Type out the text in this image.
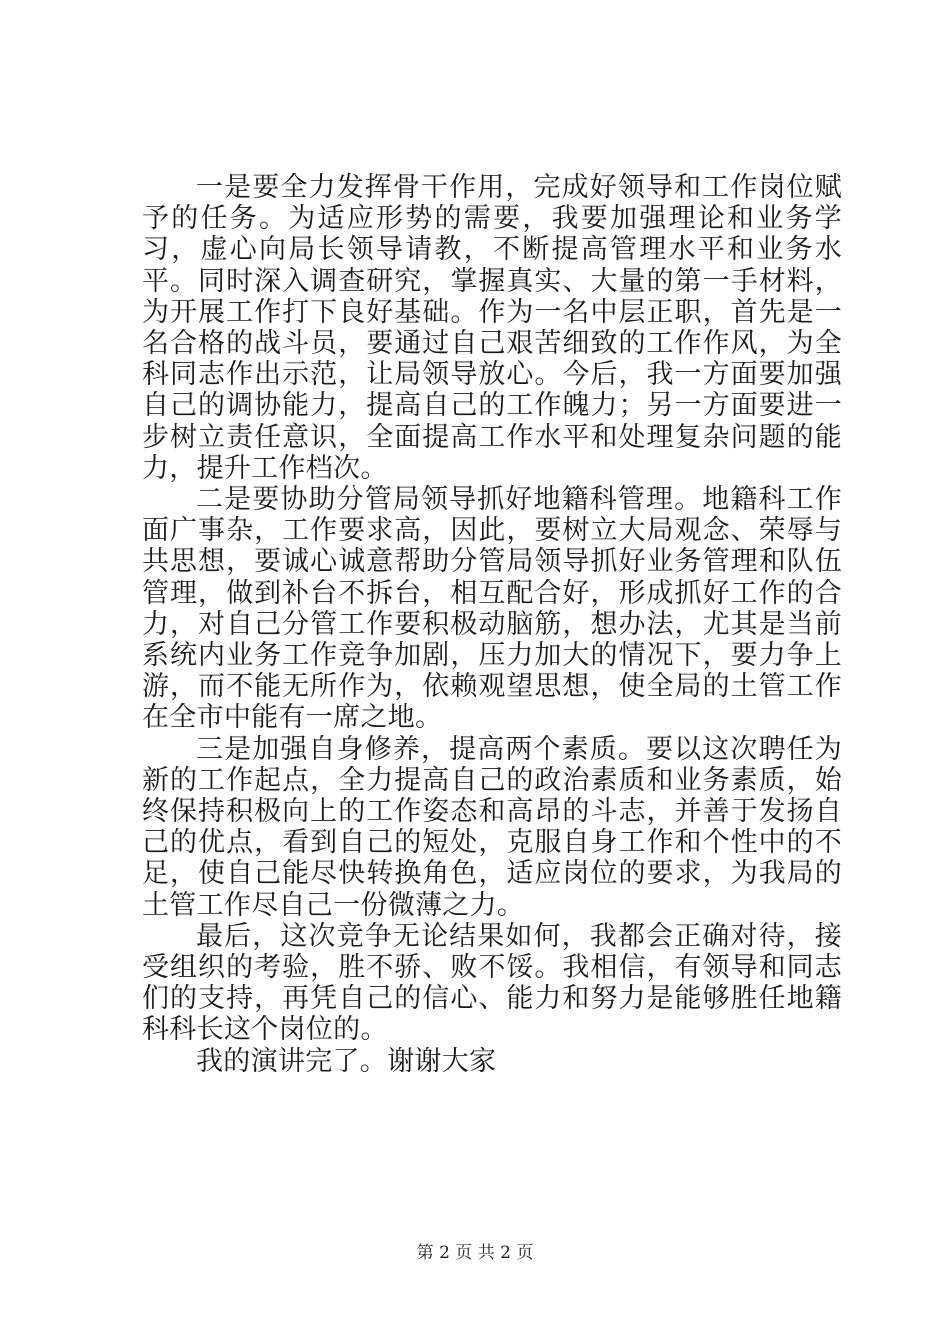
一是要全力发挥骨干作用，完成好领导和工作岗位赋予的任务。为适应形势的需要，我要加强理论和业务学习，虚心向局长领导请教，不断提高管理水平和业务水平。同时深入调查研究，掌握真实、大量的第一手材料，为开展工作打下良好基础。作为一名中层正职，首先是一名合格的战斗员，要通过自己艰苦细致的工作作风，为全科同志作出示范，让局领导放心。今后，我一方面要加强自己的调协能力，提高自己的工作魄力；另一方面要进一步树立责任意识，全面提高工作水平和处理复杂问题的能力，提升工作档次。

二是要协助分管局领导抓好地籍科管理。地籍科工作面广事杂，工作要求高，因此，要树立大局观念、荣辱与共思想，要诚心诚意帮助分管局领导抓好业务管理和队伍管理，做到补台不拆台，相互配合好，形成抓好工作的合力，对自己分管工作要积极动脑筋，想办法，尤其是当前系统内业务工作竞争加剧，压力加大的情况下，要力争上游，而不能无所作为，依赖观望思想，使全局的土管工作在全市中能有一席之地。

三是加强自身修养，提高两个素质。要以这次聘任为新的工作起点，全力提高自己的政治素质和业务素质，始终保持积极向上的工作姿态和高昂的斗志，并善于发扬自己的优点，看到自己的短处，克服自身工作和个性中的不足，使自己能尽快转换角色，适应岗位的要求，为我局的土管工作尽自己一份微薄之力。

最后，这次竞争无论结果如何，我都会正确对待，接受组织的考验，胜不骄、败不馁。我相信，有领导和同志们的支持，再凭自己的信心、能力和努力是能够胜任地籍科科长这个岗位的。

我的演讲完了。谢谢大家

第 2 页 共 2 页
